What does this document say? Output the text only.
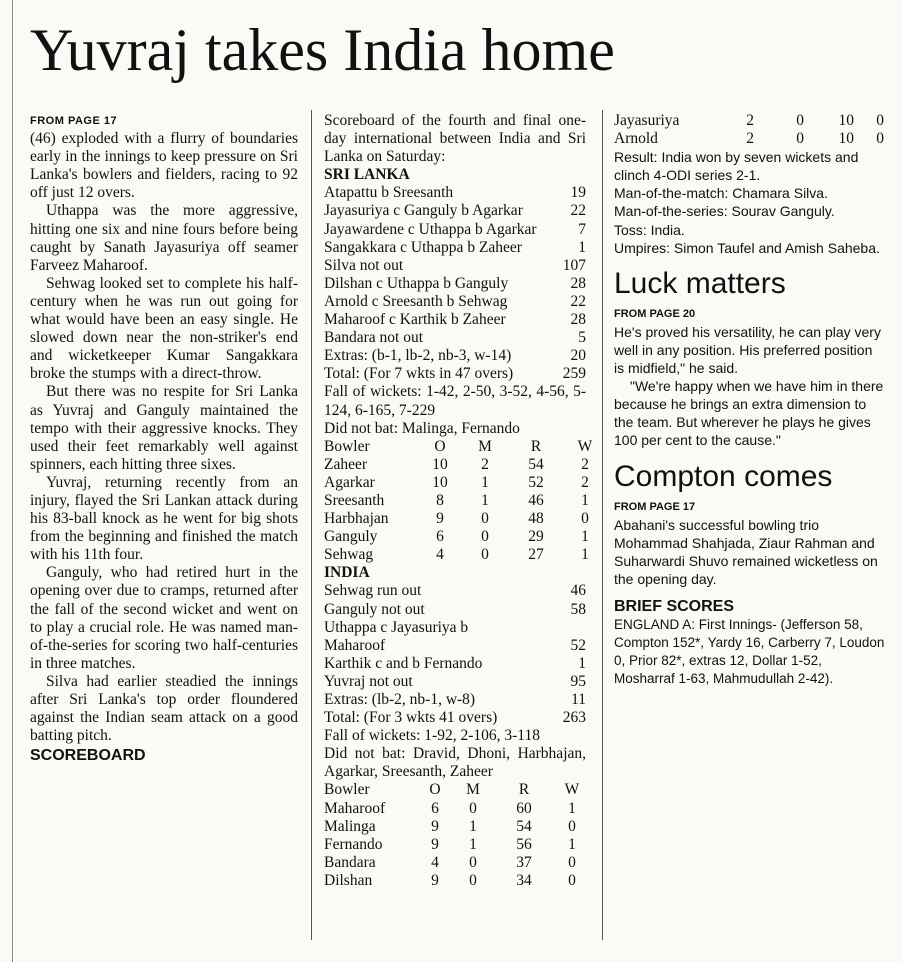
Yuvraj takes India home
FROM PAGE 17

(46) exploded with a flurry of boundaries early in the innings to keep pressure on Sri Lanka's bowlers and fielders, racing to 92 off just 12 overs.

Uthappa was the more aggressive, hitting one six and nine fours before being caught by Sanath Jayasuriya off seamer Farveez Maharoof.

Sehwag looked set to complete his half-century when he was run out going for what would have been an easy single. He slowed down near the non-striker's end and wicketkeeper Kumar Sangakkara broke the stumps with a direct-throw.

But there was no respite for Sri Lanka as Yuvraj and Ganguly maintained the tempo with their aggressive knocks. They used their feet remarkably well against spinners, each hitting three sixes.

Yuvraj, returning recently from an injury, flayed the Sri Lankan attack during his 83-ball knock as he went for big shots from the beginning and finished the match with his 11th four.

Ganguly, who had retired hurt in the opening over due to cramps, returned after the fall of the second wicket and went on to play a crucial role. He was named man-of-the-series for scoring two half-centuries in three matches.

Silva had earlier steadied the innings after Sri Lanka's top order floundered against the Indian seam attack on a good batting pitch.

SCOREBOARD

Scoreboard of the fourth and final one-day international between India and Sri Lanka on Saturday:

SRI LANKA
Atapattu b Sreesanth	19
Jayasuriya c Ganguly b Agarkar	22
Jayawardene c Uthappa b Agarkar	7
Sangakkara c Uthappa b Zaheer	1
Silva not out	107
Dilshan c Uthappa b Ganguly	28
Arnold c Sreesanth b Sehwag	22
Maharoof c Karthik b Zaheer	28
Bandara not out	5
Extras: (b-1, lb-2, nb-3, w-14)	20
Total: (For 7 wkts in 47 overs)	259

Fall of wickets: 1-42, 2-50, 3-52, 4-56, 5-124, 6-165, 7-229

Did not bat: Malinga, Fernando
Bowler	O	M	R	W
Zaheer	10	2	54	2
Agarkar	10	1	52	2
Sreesanth	8	1	46	1
Harbhajan	9	0	48	0
Ganguly	6	0	29	1
Sehwag	4	0	27	1
INDIA
Sehwag run out	46
Ganguly not out	58
Uthappa c Jayasuriya b
Maharoof	52
Karthik c and b Fernando	1
Yuvraj not out	95
Extras: (lb-2, nb-1, w-8)	11
Total: (For 3 wkts 41 overs)	263
Fall of wickets: 1-92, 2-106, 3-118

Did not bat: Dravid, Dhoni, Harbhajan, Agarkar, Sreesanth, Zaheer

Bowler	O	M	R	W
Maharoof	6	0	60	1
Malinga	9	1	54	0
Fernando	9	1	56	1
Bandara	4	0	37	0
Dilshan	9	0	34	0
Jayasuriya	2	0	10	0
Arnold	2	0	10	0

Result: India won by seven wickets and clinch 4-ODI series 2-1.

Man-of-the-match: Chamara Silva.

Man-of-the-series: Sourav Ganguly.

Toss: India.

Umpires: Simon Taufel and Amish Saheba.

Luck matters
FROM PAGE 20

He's proved his versatility, he can play very well in any position. His preferred position is midfield," he said.

"We're happy when we have him in there because he brings an extra dimension to the team. But wherever he plays he gives 100 per cent to the cause."

Compton comes
FROM PAGE 17

Abahani's successful bowling trio Mohammad Shahjada, Ziaur Rahman and Suharwardi Shuvo remained wicketless on the opening day.

BRIEF SCORES

ENGLAND A: First Innings- (Jefferson 58, Compton 152*, Yardy 16, Carberry 7, Loudon 0, Prior 82*, extras 12, Dollar 1-52, Mosharraf 1-63, Mahmudullah 2-42).
